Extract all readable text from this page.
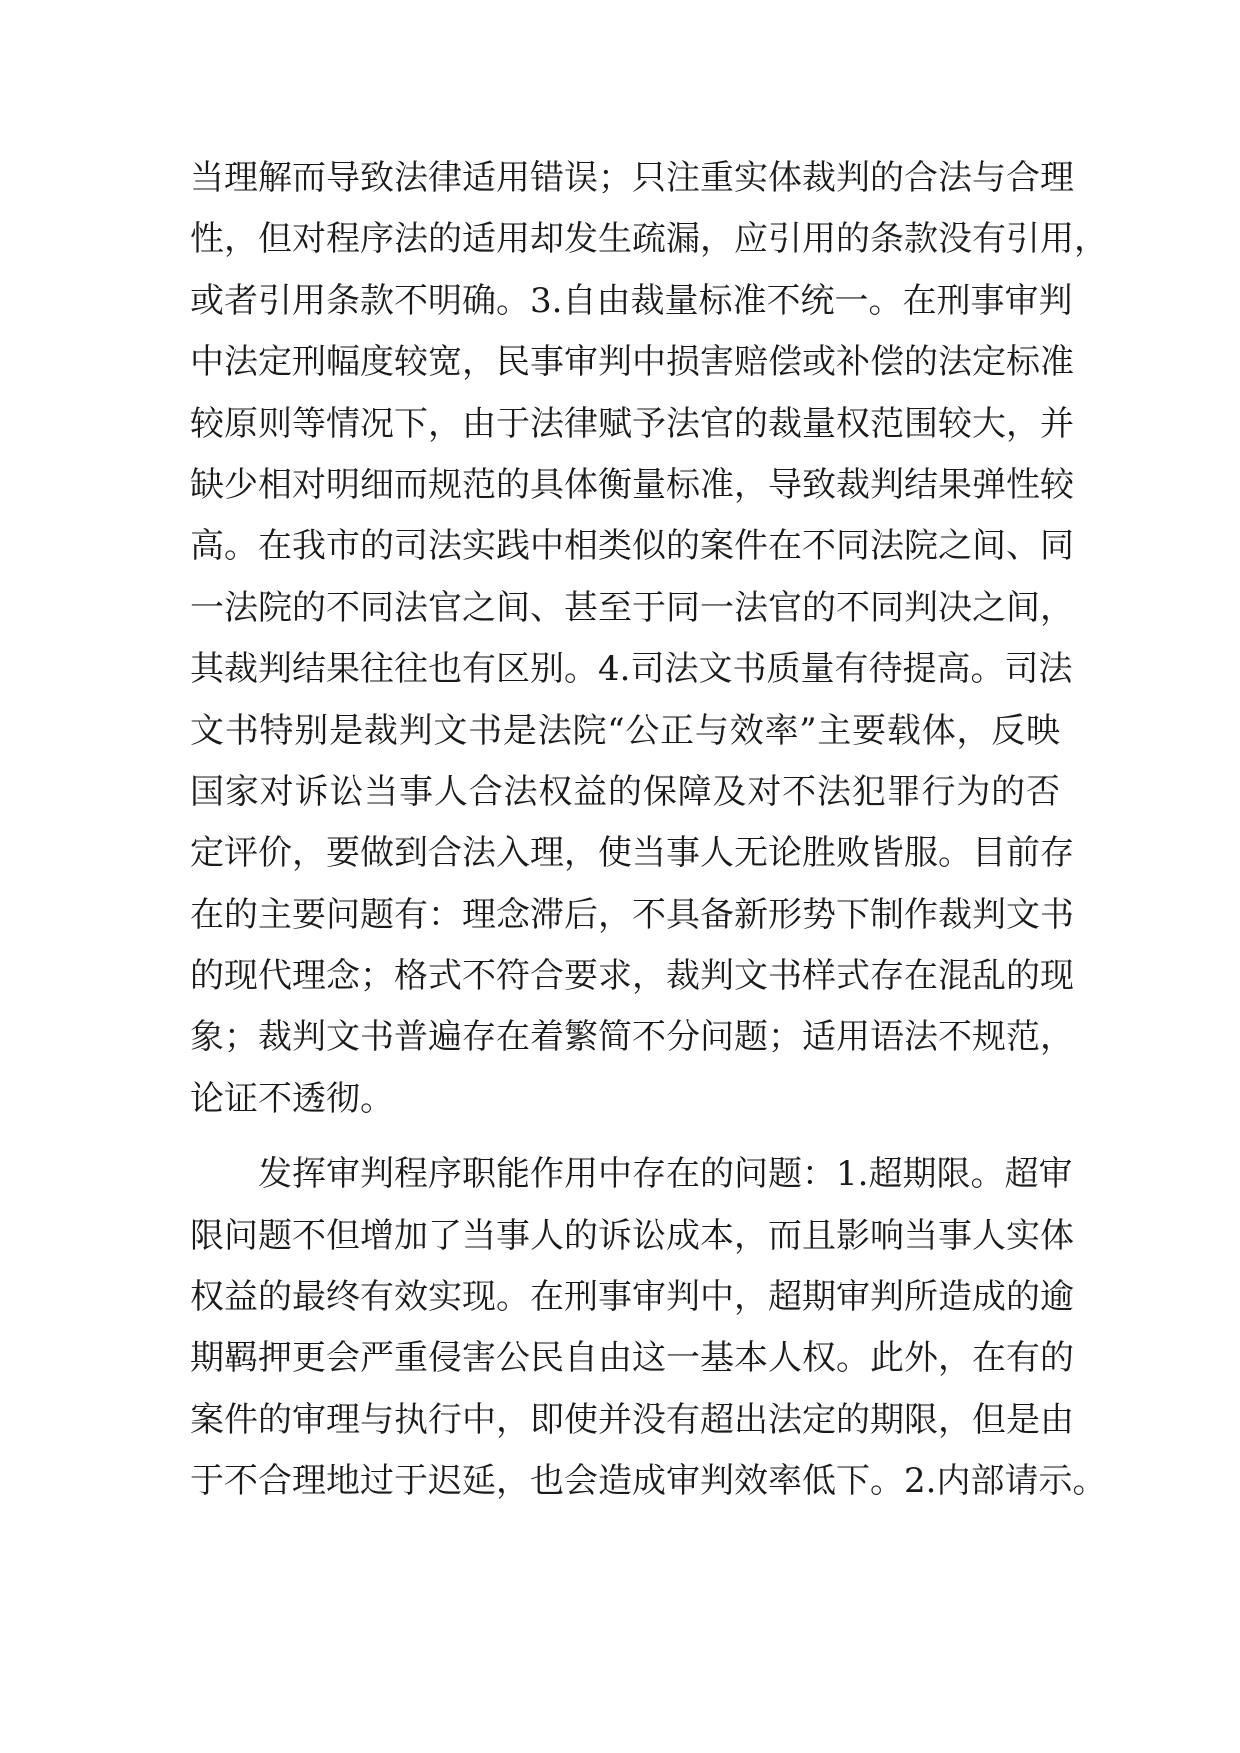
当理解而导致法律适用错误；只注重实体裁判的合法与合理
性，但对程序法的适用却发生疏漏，应引用的条款没有引用，
或者引用条款不明确。3.自由裁量标准不统一。在刑事审判
中法定刑幅度较宽，民事审判中损害赔偿或补偿的法定标准
较原则等情况下，由于法律赋予法官的裁量权范围较大，并
缺少相对明细而规范的具体衡量标准，导致裁判结果弹性较
高。在我市的司法实践中相类似的案件在不同法院之间、同
一法院的不同法官之间、甚至于同一法官的不同判决之间，
其裁判结果往往也有区别。4.司法文书质量有待提高。司法
文书特别是裁判文书是法院“公正与效率”主要载体，反映
国家对诉讼当事人合法权益的保障及对不法犯罪行为的否
定评价，要做到合法入理，使当事人无论胜败皆服。目前存
在的主要问题有：理念滞后，不具备新形势下制作裁判文书
的现代理念；格式不符合要求，裁判文书样式存在混乱的现
象；裁判文书普遍存在着繁简不分问题；适用语法不规范，
论证不透彻。
发挥审判程序职能作用中存在的问题：1.超期限。超审
限问题不但增加了当事人的诉讼成本，而且影响当事人实体
权益的最终有效实现。在刑事审判中，超期审判所造成的逾
期羁押更会严重侵害公民自由这一基本人权。此外，在有的
案件的审理与执行中，即使并没有超出法定的期限，但是由
于不合理地过于迟延，也会造成审判效率低下。2.内部请示。
